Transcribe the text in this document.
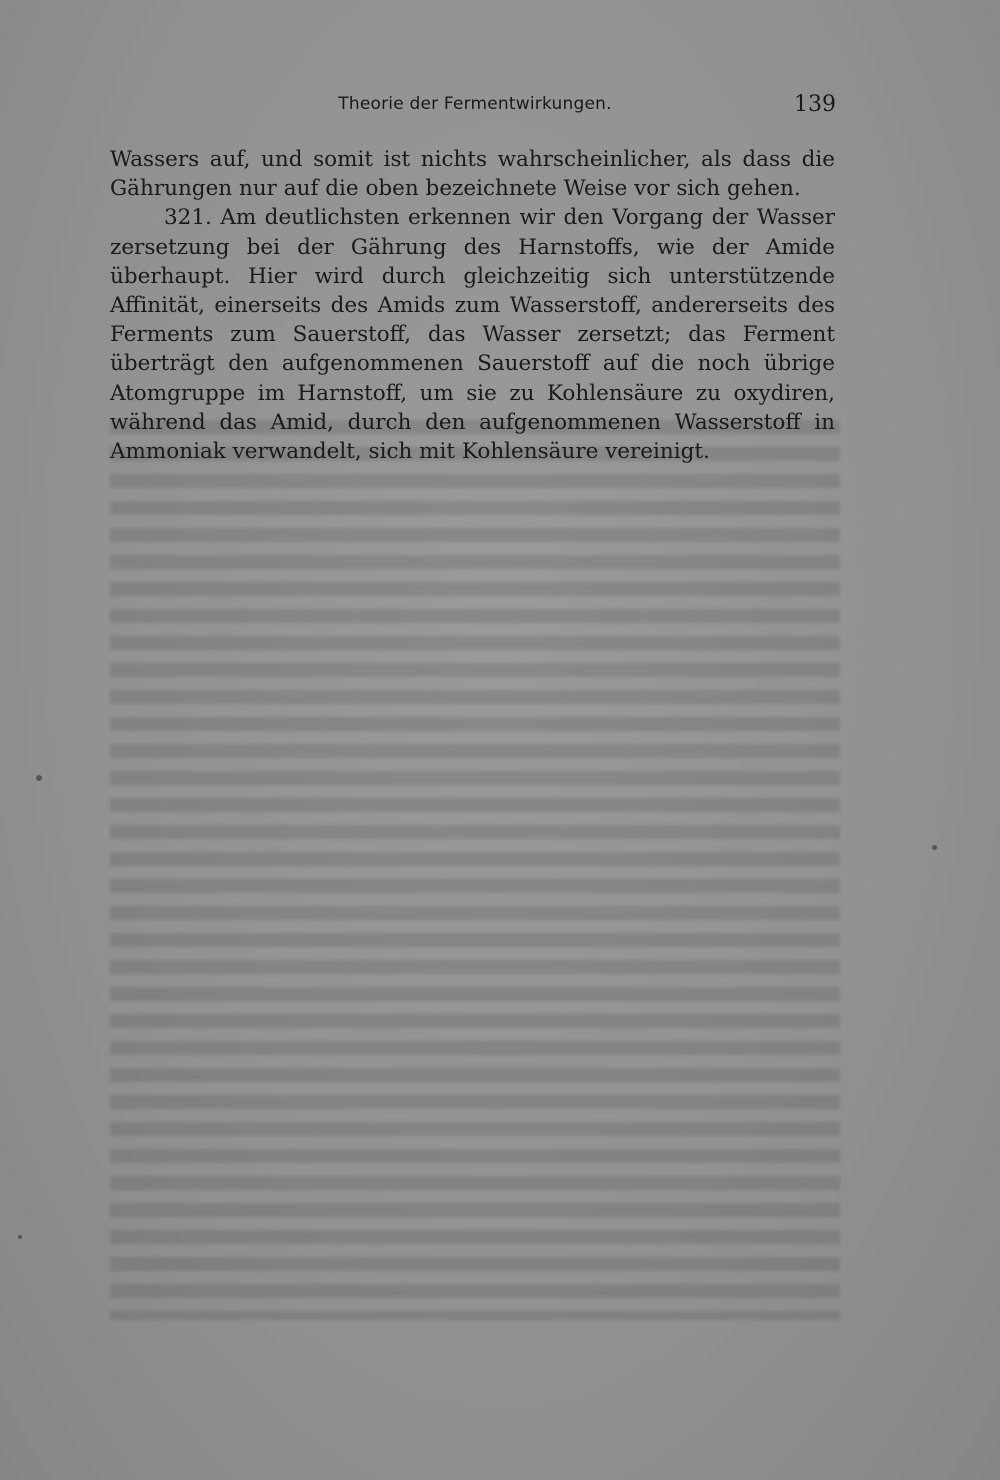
Theorie der Fermentwirkungen.	139

Wassers auf, und somit ist nichts wahrscheinlicher, als dass die Gährungen nur auf die oben bezeichnete Weise vor sich gehen.

321. Am deutlichsten erkennen wir den Vorgang der Wasser zersetzung bei der Gährung des Harnstoffs, wie der Amide überhaupt. Hier wird durch gleichzeitig sich unterstützende Affinität, einerseits des Amids zum Wasserstoff, andererseits des Ferments zum Sauerstoff, das Wasser zersetzt; das Ferment überträgt den aufgenommenen Sauerstoff auf die noch übrige Atomgruppe im Harnstoff, um sie zu Kohlensäure zu oxydiren, während das Amid, durch den aufgenommenen Wasserstoff in Ammoniak verwandelt, sich mit Kohlensäure vereinigt.
